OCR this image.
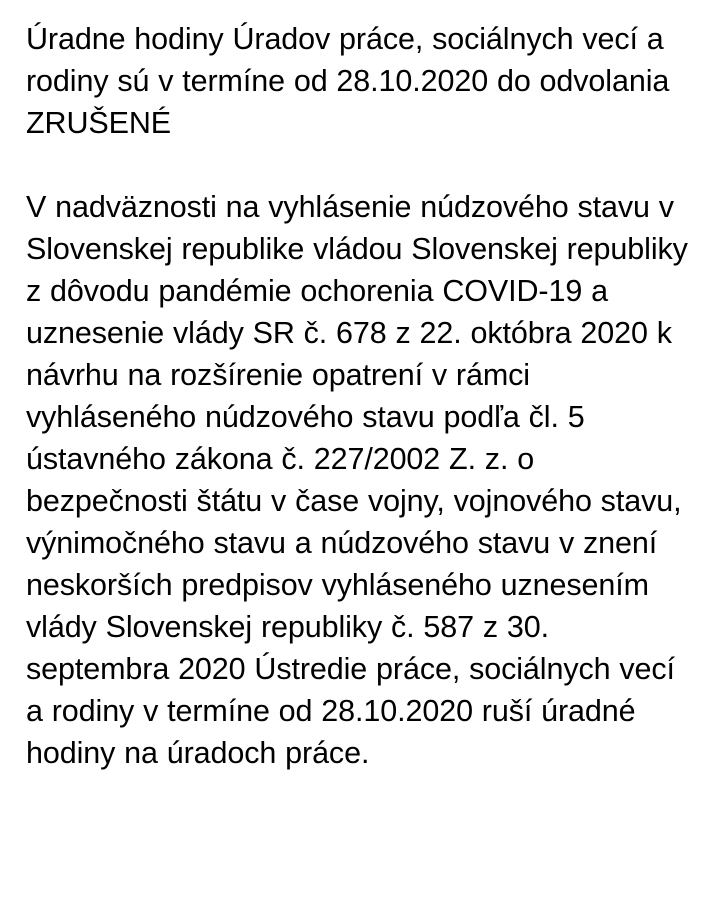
Úradne hodiny Úradov práce, sociálnych vecí a rodiny sú v termíne od 28.10.2020 do odvolania ZRUŠENÉ

V nadväznosti na vyhlásenie núdzového stavu v Slovenskej republike vládou Slovenskej republiky z dôvodu pandémie ochorenia COVID-19 a uznesenie vlády SR č. 678 z 22. októbra 2020 k návrhu na rozšírenie opatrení v rámci vyhláseného núdzového stavu podľa čl. 5 ústavného zákona č. 227/2002 Z. z. o bezpečnosti štátu v čase vojny, vojnového stavu, výnimočného stavu a núdzového stavu v znení neskorších predpisov vyhláseného uznesením vlády Slovenskej republiky č. 587 z 30. septembra 2020 Ústredie práce, sociálnych vecí a rodiny v termíne od 28.10.2020 ruší úradné hodiny na úradoch práce.
